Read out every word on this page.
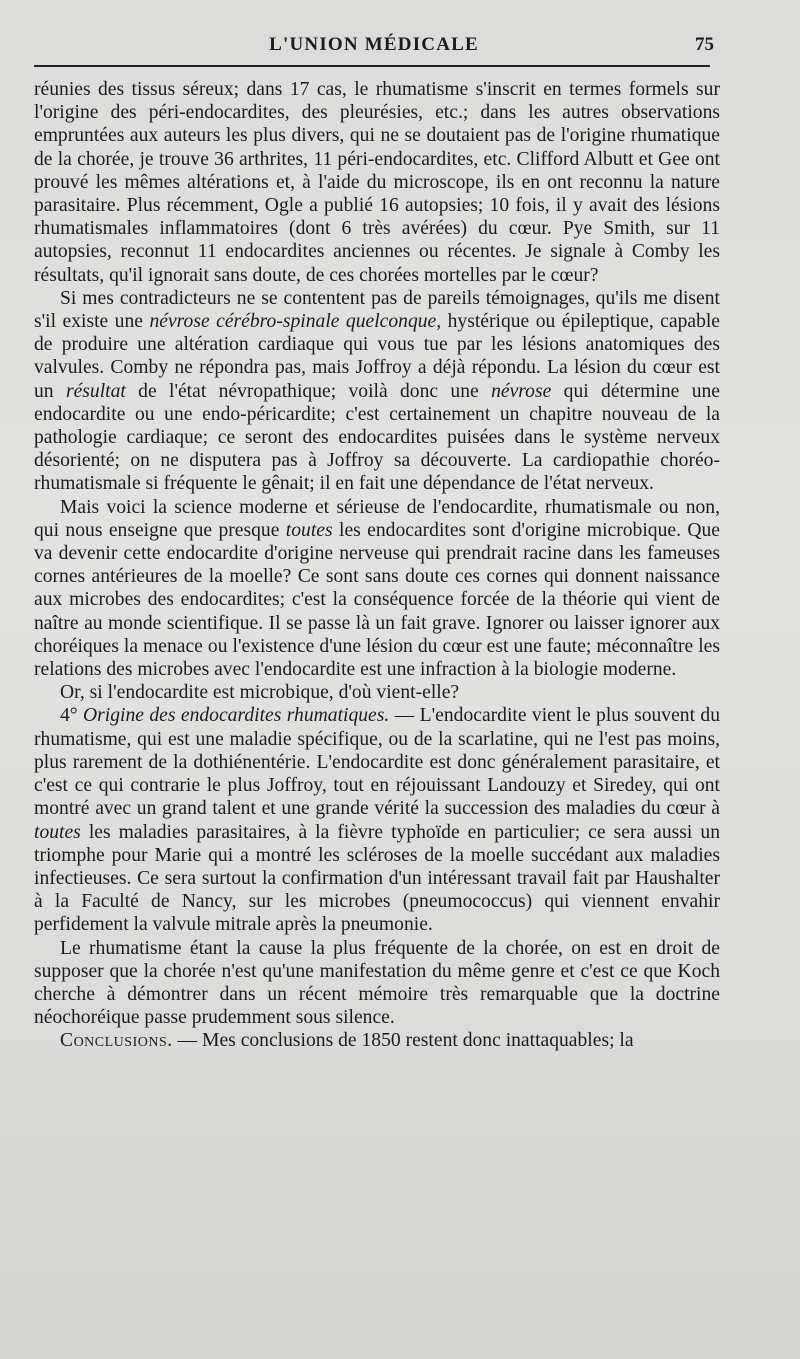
L'UNION MÉDICALE	75

réunies des tissus séreux; dans 17 cas, le rhumatisme s'inscrit en termes formels sur l'origine des péri-endocardites, des pleurésies, etc.; dans les autres observations empruntées aux auteurs les plus divers, qui ne se doutaient pas de l'origine rhumatique de la chorée, je trouve 36 arthrites, 11 péri-endocardites, etc. Clifford Albutt et Gee ont prouvé les mêmes altérations et, à l'aide du microscope, ils en ont reconnu la nature parasitaire. Plus récemment, Ogle a publié 16 autopsies; 10 fois, il y avait des lésions rhumatismales inflammatoires (dont 6 très avérées) du cœur. Pye Smith, sur 11 autopsies, reconnut 11 endocardites anciennes ou récentes. Je signale à Comby les résultats, qu'il ignorait sans doute, de ces chorées mortelles par le cœur?

Si mes contradicteurs ne se contentent pas de pareils témoignages, qu'ils me disent s'il existe une névrose cérébro-spinale quelconque, hystérique ou épileptique, capable de produire une altération cardiaque qui vous tue par les lésions anatomiques des valvules. Comby ne répondra pas, mais Joffroy a déjà répondu. La lésion du cœur est un résultat de l'état névropathique; voilà donc une névrose qui détermine une endocardite ou une endo-péricardite; c'est certainement un chapitre nouveau de la pathologie cardiaque; ce seront des endocardites puisées dans le système nerveux désorienté; on ne disputera pas à Joffroy sa découverte. La cardiopathie choréo-rhumatismale si fréquente le gênait; il en fait une dépendance de l'état nerveux.

Mais voici la science moderne et sérieuse de l'endocardite, rhumatismale ou non, qui nous enseigne que presque toutes les endocardites sont d'origine microbique. Que va devenir cette endocardite d'origine nerveuse qui prendrait racine dans les fameuses cornes antérieures de la moelle? Ce sont sans doute ces cornes qui donnent naissance aux microbes des endocardites; c'est la conséquence forcée de la théorie qui vient de naître au monde scientifique. Il se passe là un fait grave. Ignorer ou laisser ignorer aux choréiques la menace ou l'existence d'une lésion du cœur est une faute; méconnaître les relations des microbes avec l'endocardite est une infraction à la biologie moderne.

Or, si l'endocardite est microbique, d'où vient-elle?

4° Origine des endocardites rhumatiques. — L'endocardite vient le plus souvent du rhumatisme, qui est une maladie spécifique, ou de la scarlatine, qui ne l'est pas moins, plus rarement de la dothiénentérie. L'endocardite est donc généralement parasitaire, et c'est ce qui contrarie le plus Joffroy, tout en réjouissant Landouzy et Siredey, qui ont montré avec un grand talent et une grande vérité la succession des maladies du cœur à toutes les maladies parasitaires, à la fièvre typhoïde en particulier; ce sera aussi un triomphe pour Marie qui a montré les scléroses de la moelle succédant aux maladies infectieuses. Ce sera surtout la confirmation d'un intéressant travail fait par Haushalter à la Faculté de Nancy, sur les microbes (pneumococcus) qui viennent envahir perfidement la valvule mitrale après la pneumonie.

Le rhumatisme étant la cause la plus fréquente de la chorée, on est en droit de supposer que la chorée n'est qu'une manifestation du même genre et c'est ce que Koch cherche à démontrer dans un récent mémoire très remarquable que la doctrine néochoréique passe prudemment sous silence.

Conclusions. — Mes conclusions de 1850 restent donc inattaquables; la
